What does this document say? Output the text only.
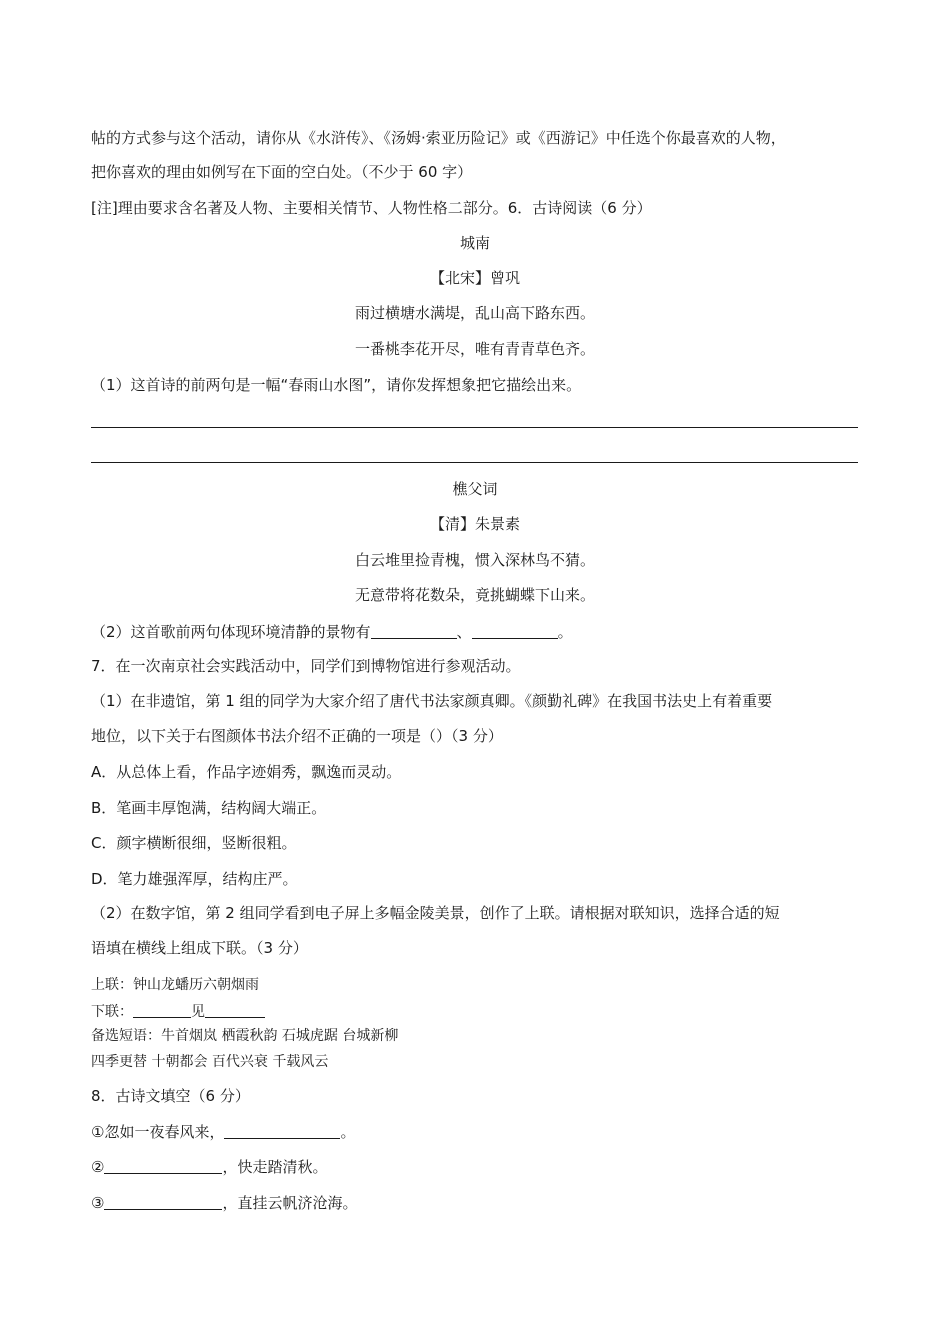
帖的方式参与这个活动，请你从《水浒传》、《汤姆·索亚历险记》或《西游记》中任选个你最喜欢的人物，
把你喜欢的理由如例写在下面的空白处。（不少于 60 字）
[注]理由要求含名著及人物、主要相关情节、人物性格二部分。6．古诗阅读（6 分）
城南
【北宋】曾巩
雨过横塘水满堤，乱山高下路东西。
一番桃李花开尽，唯有青青草色齐。
（1）这首诗的前两句是一幅“春雨山水图”，请你发挥想象把它描绘出来。
樵父词
【清】朱景素
白云堆里捡青槐，惯入深林鸟不猜。
无意带将花数朵，竟挑蝴蝶下山来。
（2）这首歌前两句体现环境清静的景物有	、	。
7．在一次南京社会实践活动中，同学们到博物馆进行参观活动。
（1）在非遗馆，第 1 组的同学为大家介绍了唐代书法家颜真卿。《颜勤礼碑》在我国书法史上有着重要
地位，以下关于右图颜体书法介绍不正确的一项是（）（3 分）
A．从总体上看，作品字迹娟秀，飘逸而灵动。
B．笔画丰厚饱满，结构阔大端正。
C．颜字横断很细，竖断很粗。
D．笔力雄强浑厚，结构庄严。
（2）在数字馆，第 2 组同学看到电子屏上多幅金陵美景，创作了上联。请根据对联知识，选择合适的短
语填在横线上组成下联。（3 分）
上联：钟山龙蟠历六朝烟雨
下联：	见
备选短语：牛首烟岚 栖霞秋韵 石城虎踞 台城新柳
四季更替 十朝都会 百代兴衰 千载风云
8．古诗文填空（6 分）
①忽如一夜春风来，	。
②	，快走踏清秋。
③	，直挂云帆济沧海。
